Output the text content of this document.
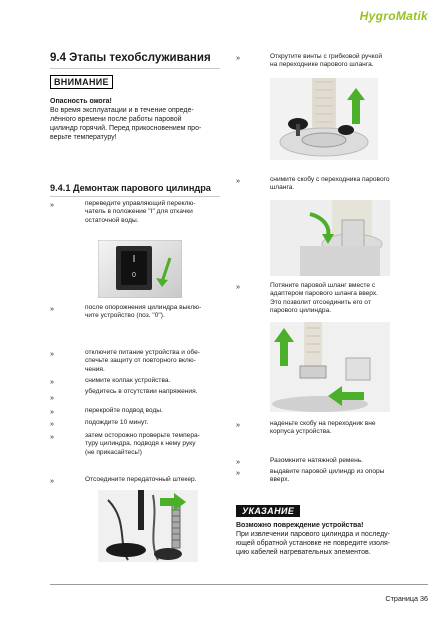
HygroMatik
9.4 Этапы техобслуживания
ВНИМАНИЕ
Опасность ожога!
Во время эксплуатации и в течение опреде-
лённого времени после работы паровой
цилиндр горячий. Перед прикосновением про-
верьте температуру!
9.4.1 Демонтаж парового цилиндра
»	переведите управляющий переклю-
чатель в положение "I" для откачки
остаточной воды.
0
»	после опорожнения цилиндра выклю-
чите устройство (поз. "0").
»	отключите питание устройства и обе-
спечьте защиту от повторного вклю-
чения.
»	снимите колпак устройства.
»
убедитесь в отсутствии напряжения.
»	перекройте подвод воды.
»	подождите 10 минут.
»	затем осторожно проверьте темпера-
туру цилиндра, подводя к нему руку
(не прикасайтесь!)
»	Отсоедините передаточный штекер.
»	Открутите винты с грибковой ручкой
на переходнике парового шланга.
»	снимите скобу с переходника парового
шланга.
»	Потяните паровой шланг вместе с
адаптером парового шланга вверх.
Это позволит отсоединить его от
парового цилиндра.
»	наденьте скобу на переходник вне
корпуса устройства.
»	Разомкните натяжной ремень.
»	выдавите паровой цилиндр из опоры
вверх.
УКАЗАНИЕ
Возможно повреждение устройства!
При извлечении парового цилиндра и последу-
ющей обратной установке не повредите изоля-
цию кабелей нагревательных элементов.
Страница 36
